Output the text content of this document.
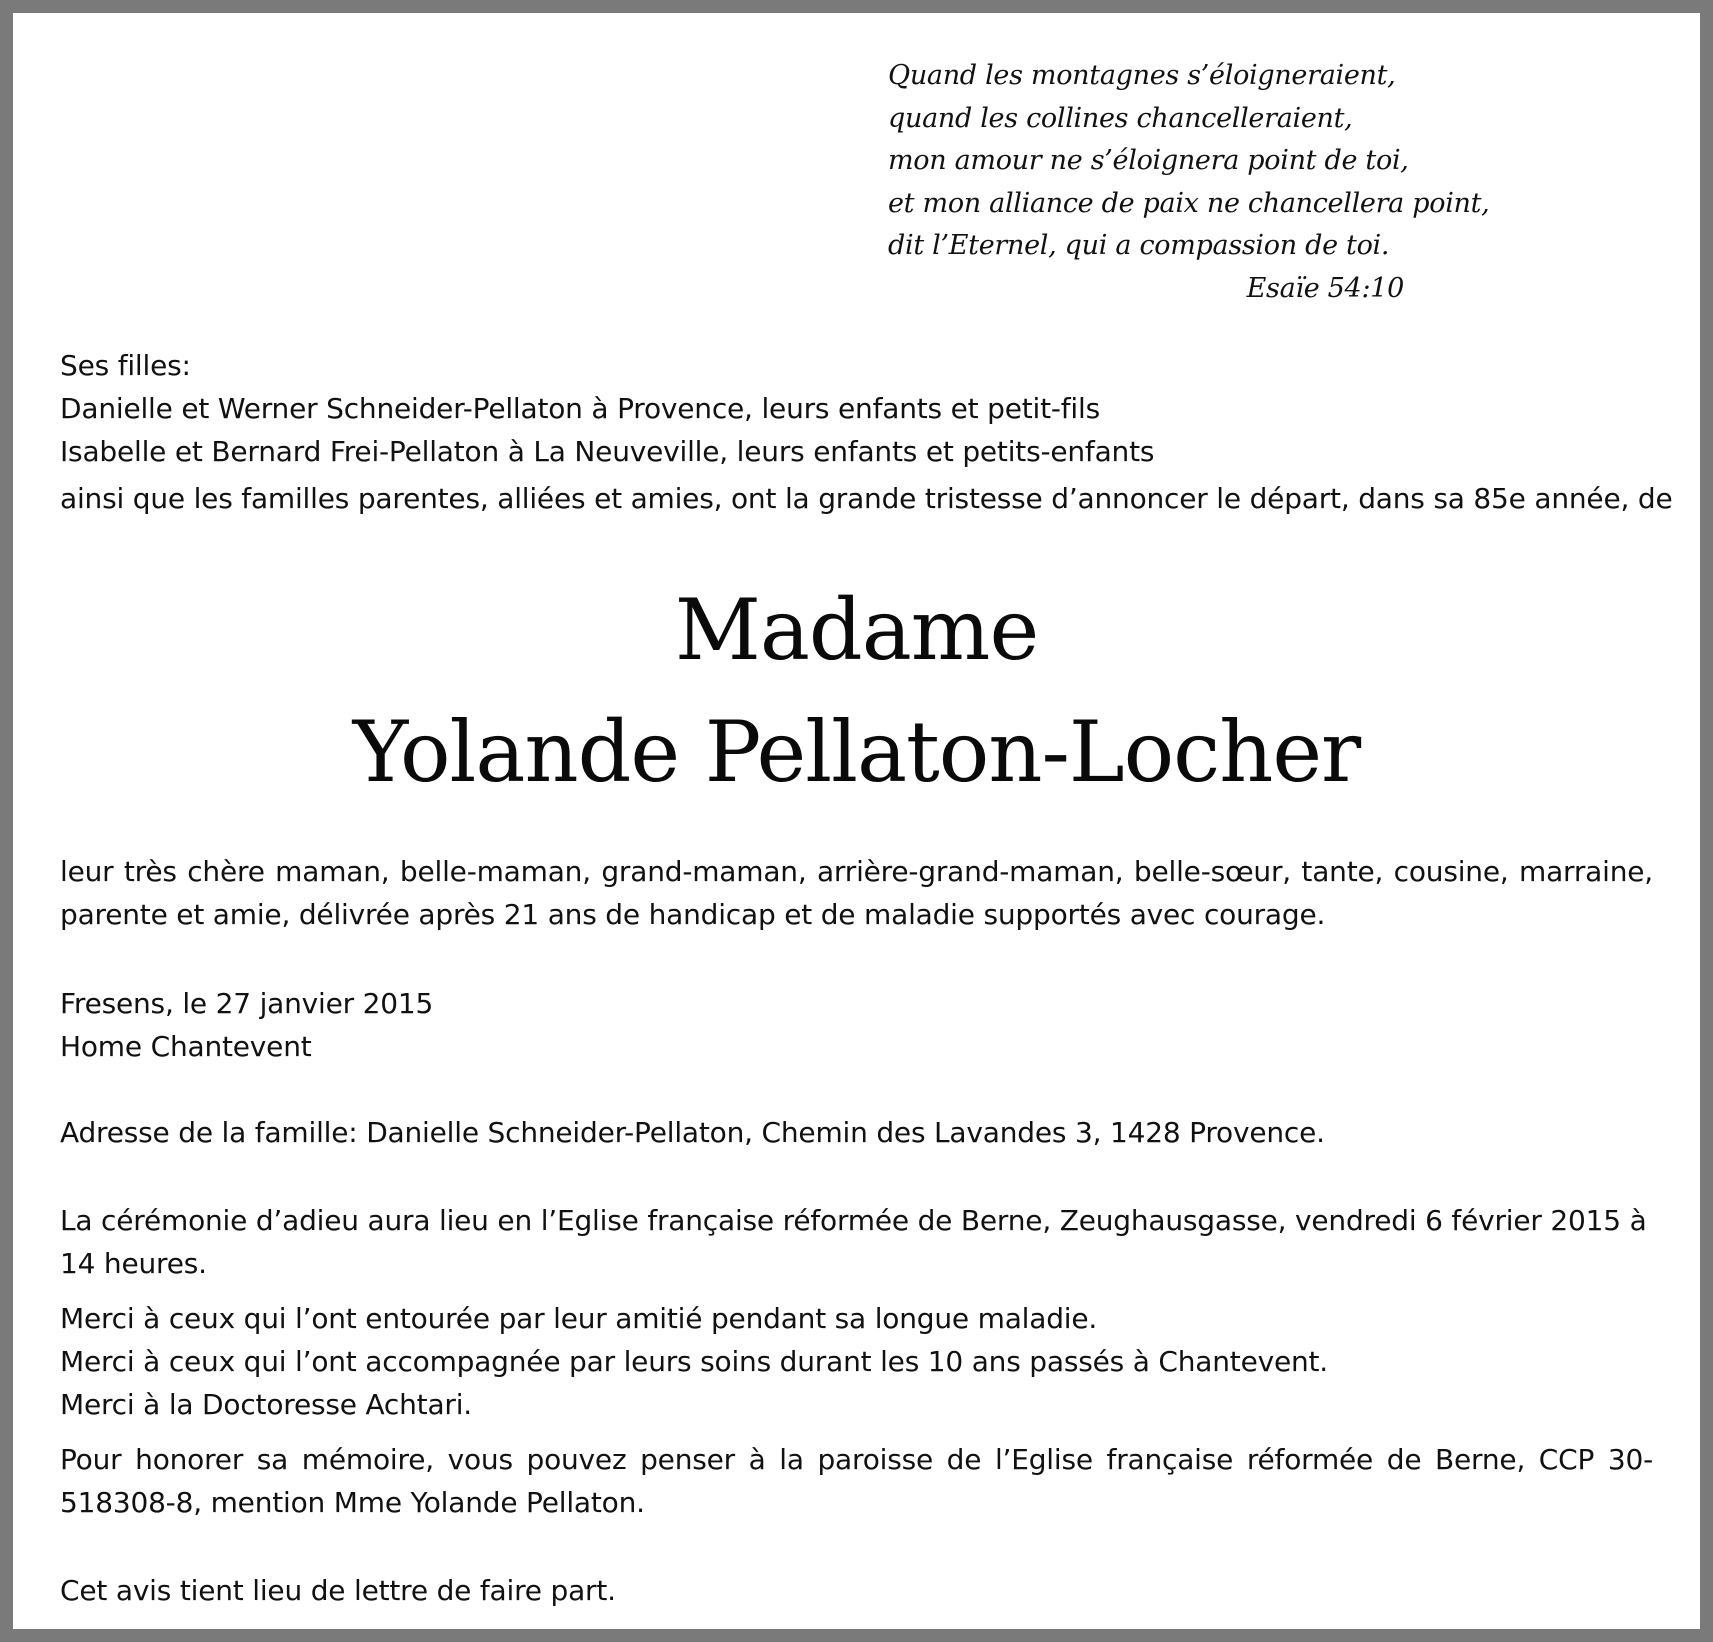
Quand les montagnes s’éloigneraient,
quand les collines chancelleraient,
mon amour ne s’éloignera point de toi,
et mon alliance de paix ne chancellera point,
dit l’Eternel, qui a compassion de toi.
Esaïe 54:10
Ses filles:
Danielle et Werner Schneider-Pellaton à Provence, leurs enfants et petit-fils
Isabelle et Bernard Frei-Pellaton à La Neuveville, leurs enfants et petits-enfants
ainsi que les familles parentes, alliées et amies, ont la grande tristesse d’annoncer le départ, dans sa 85e année, de
Madame
Yolande Pellaton-Locher
leur très chère maman, belle-maman, grand-maman, arrière-grand-maman, belle-sœur, tante, cousine, marraine, parente et amie, délivrée après 21 ans de handicap et de maladie supportés avec courage.
Fresens, le 27 janvier 2015
Home Chantevent
Adresse de la famille: Danielle Schneider-Pellaton, Chemin des Lavandes 3, 1428 Provence.
La cérémonie d’adieu aura lieu en l’Eglise française réformée de Berne, Zeughausgasse, vendredi 6 février 2015 à 14 heures.
Merci à ceux qui l’ont entourée par leur amitié pendant sa longue maladie.
Merci à ceux qui l’ont accompagnée par leurs soins durant les 10 ans passés à Chantevent.
Merci à la Doctoresse Achtari.
Pour honorer sa mémoire, vous pouvez penser à la paroisse de l’Eglise française réformée de Berne, CCP 30-518308-8, mention Mme Yolande Pellaton.
Cet avis tient lieu de lettre de faire part.
